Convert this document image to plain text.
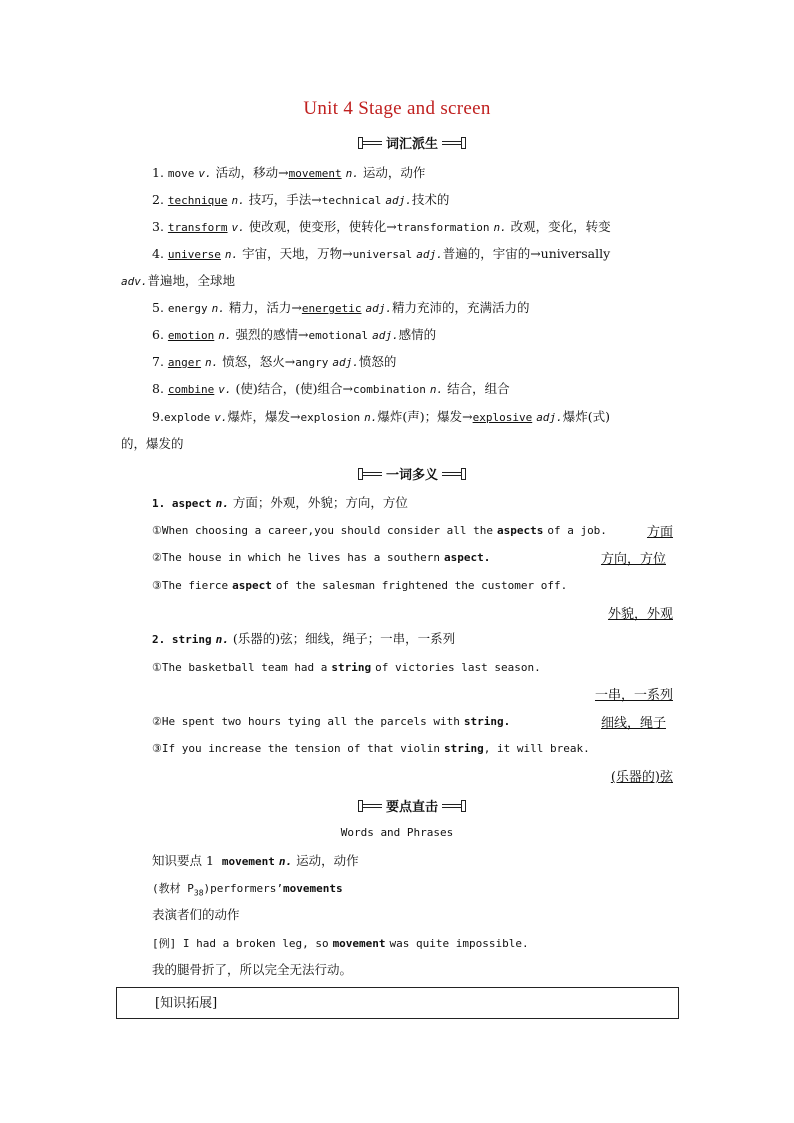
Unit 4 Stage and screen
词汇派生
1. move v. 活动，移动→movement n. 运动，动作
2. technique n. 技巧，手法→technical adj.技术的
3. transform v. 使改观，使变形，使转化→transformation n. 改观，变化，转变
4. universe n. 宇宙，天地，万物→universal adj.普遍的，宇宙的→universally
adv.普遍地，全球地
5. energy n. 精力，活力→energetic adj.精力充沛的，充满活力的
6. emotion n. 强烈的感情→emotional adj.感情的
7. anger n. 愤怒，怒火→angry adj.愤怒的
8. combine v. (使)结合，(使)组合→combination n. 结合，组合
9.explode v.爆炸，爆发→explosion n.爆炸(声)；爆发→explosive adj.爆炸(式)
的，爆发的
一词多义
1. aspect n. 方面；外观，外貌；方向，方位
①When choosing a career,you should consider all the aspects of a job.	方面
②The house in which he lives has a southern aspect.	方向，方位
③The fierce aspect of the salesman frightened the customer off.
外貌，外观
2. string n. (乐器的)弦；细线，绳子；一串，一系列
①The basketball team had a string of victories last season.
一串，一系列
②He spent two hours tying all the parcels with string.	细线，绳子
③If you increase the tension of that violin string, it will break.
(乐器的)弦
要点直击
Words and Phrases
知识要点 1 movement n. 运动，动作
(教材 $P_{38})performers’movements$
表演者们的动作
[例] I had a broken leg, so movement was quite impossible.
我的腿骨折了，所以完全无法行动。
[知识拓展]
